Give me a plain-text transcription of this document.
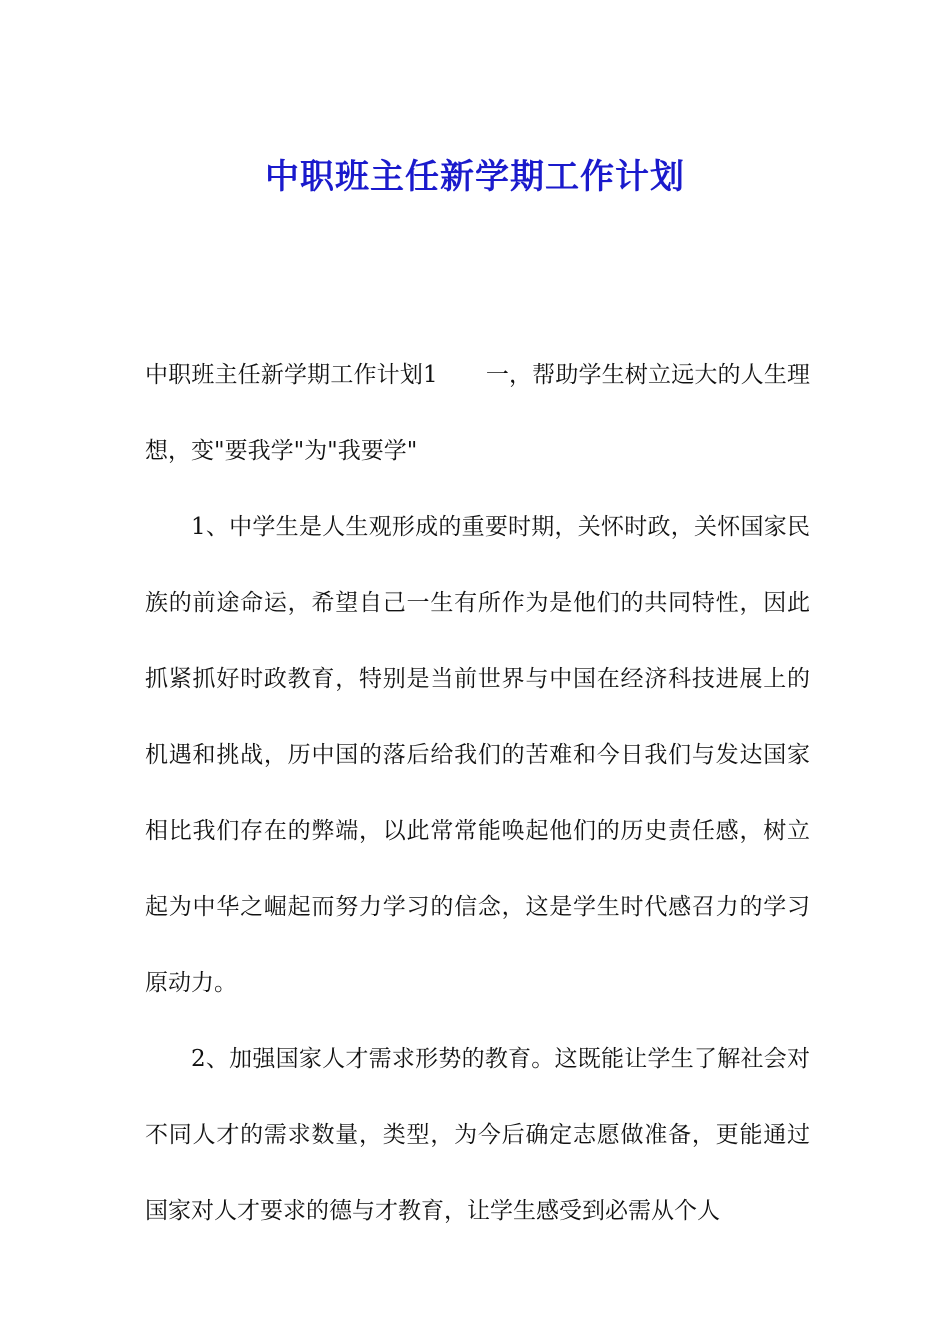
中职班主任新学期工作计划

中职班主任新学期工作计划1 一，帮助学生树立远大的人生理想，变"要我学"为"我要学"

1、中学生是人生观形成的重要时期，关怀时政，关怀国家民族的前途命运，希望自己一生有所作为是他们的共同特性，因此抓紧抓好时政教育，特别是当前世界与中国在经济科技进展上的机遇和挑战，历中国的落后给我们的苦难和今日我们与发达国家相比我们存在的弊端，以此常常能唤起他们的历史责任感，树立起为中华之崛起而努力学习的信念，这是学生时代感召力的学习原动力。

2、加强国家人才需求形势的教育。这既能让学生了解社会对不同人才的需求数量，类型，为今后确定志愿做准备，更能通过国家对人才要求的德与才教育，让学生感受到必需从个人
